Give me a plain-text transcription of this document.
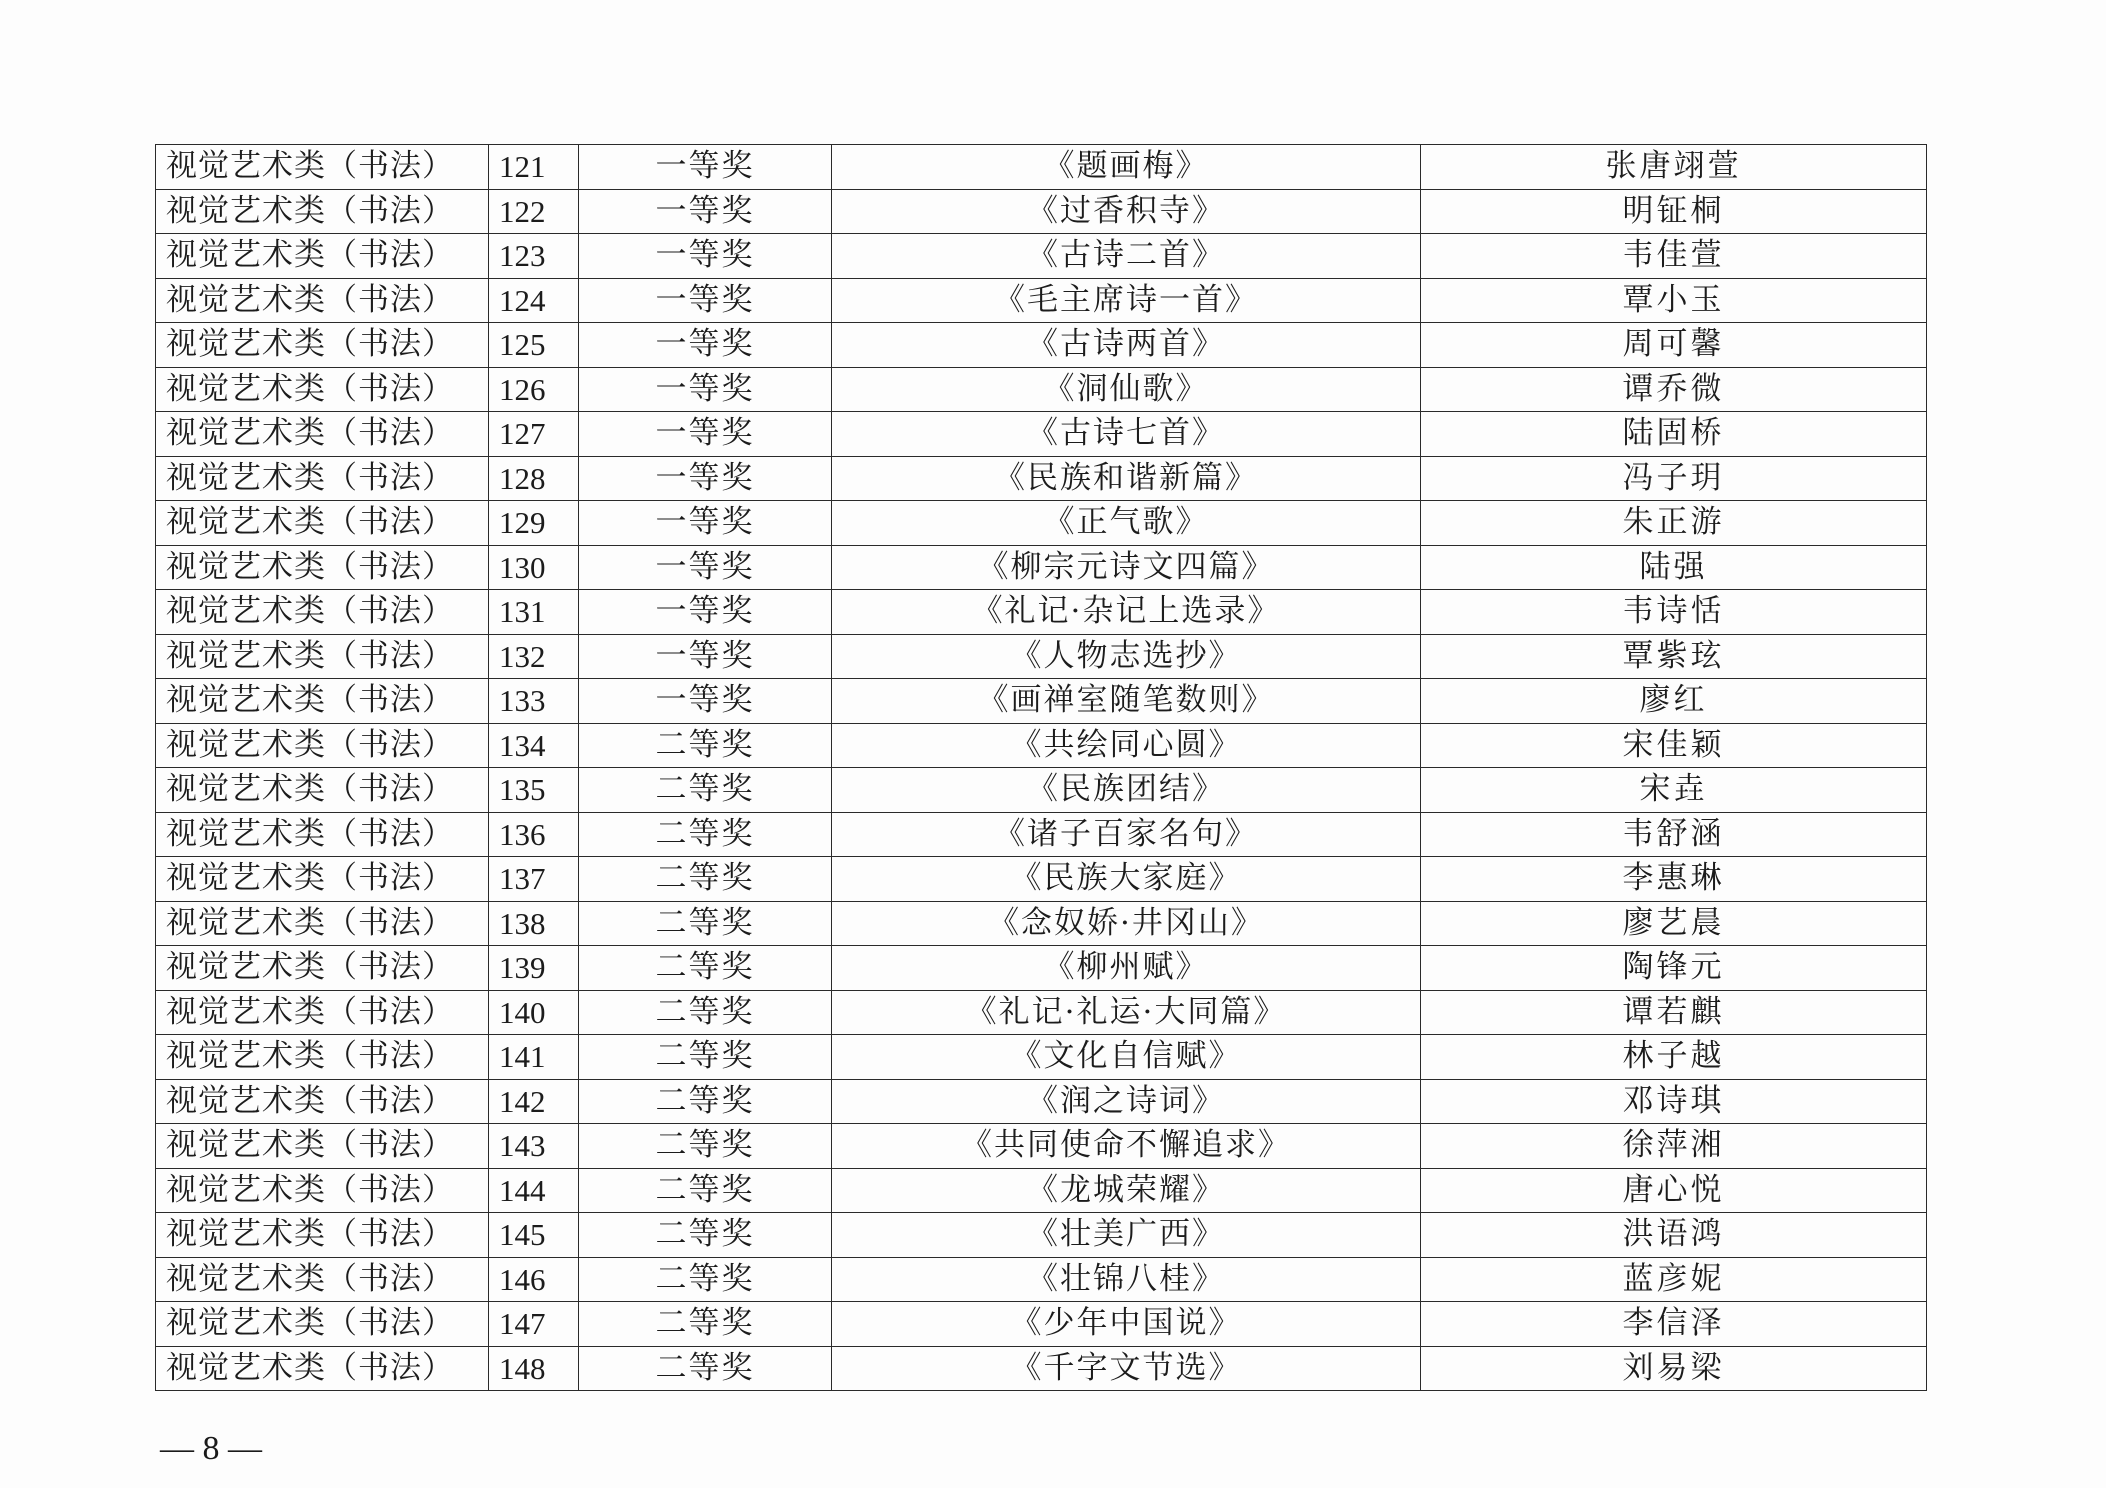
视觉艺术类（书法）	121	一等奖	《题画梅》	张唐翊萱
视觉艺术类（书法）	122	一等奖	《过香积寺》	明钲桐
视觉艺术类（书法）	123	一等奖	《古诗二首》	韦佳萱
视觉艺术类（书法）	124	一等奖	《毛主席诗一首》	覃小玉
视觉艺术类（书法）	125	一等奖	《古诗两首》	周可馨
视觉艺术类（书法）	126	一等奖	《洞仙歌》	谭乔微
视觉艺术类（书法）	127	一等奖	《古诗七首》	陆固桥
视觉艺术类（书法）	128	一等奖	《民族和谐新篇》	冯子玥
视觉艺术类（书法）	129	一等奖	《正气歌》	朱正游
视觉艺术类（书法）	130	一等奖	《柳宗元诗文四篇》	陆强
视觉艺术类（书法）	131	一等奖	《礼记·杂记上选录》	韦诗恬
视觉艺术类（书法）	132	一等奖	《人物志选抄》	覃紫玹
视觉艺术类（书法）	133	一等奖	《画禅室随笔数则》	廖红
视觉艺术类（书法）	134	二等奖	《共绘同心圆》	宋佳颖
视觉艺术类（书法）	135	二等奖	《民族团结》	宋垚
视觉艺术类（书法）	136	二等奖	《诸子百家名句》	韦舒涵
视觉艺术类（书法）	137	二等奖	《民族大家庭》	李惠琳
视觉艺术类（书法）	138	二等奖	《念奴娇·井冈山》	廖艺晨
视觉艺术类（书法）	139	二等奖	《柳州赋》	陶锋元
视觉艺术类（书法）	140	二等奖	《礼记·礼运·大同篇》	谭若麒
视觉艺术类（书法）	141	二等奖	《文化自信赋》	林子越
视觉艺术类（书法）	142	二等奖	《润之诗词》	邓诗琪
视觉艺术类（书法）	143	二等奖	《共同使命不懈追求》	徐萍湘
视觉艺术类（书法）	144	二等奖	《龙城荣耀》	唐心悦
视觉艺术类（书法）	145	二等奖	《壮美广西》	洪语鸿
视觉艺术类（书法）	146	二等奖	《壮锦八桂》	蓝彦妮
视觉艺术类（书法）	147	二等奖	《少年中国说》	李信泽
视觉艺术类（书法）	148	二等奖	《千字文节选》	刘易梁
— 8 —
